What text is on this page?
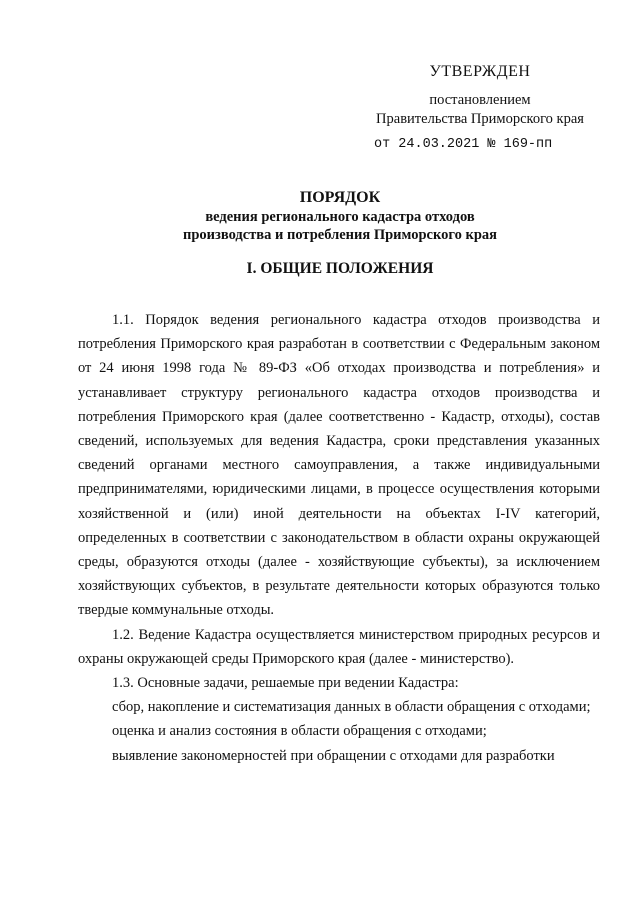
УТВЕРЖДЕН
постановлением
Правительства Приморского края
от 24.03.2021 № 169-пп
ПОРЯДОК
ведения регионального кадастра отходов
производства и потребления Приморского края
I. ОБЩИЕ ПОЛОЖЕНИЯ

1.1. Порядок ведения регионального кадастра отходов производства и потребления Приморского края разработан в соответствии с Федеральным законом от 24 июня 1998 года № 89-ФЗ «Об отходах производства и потребления» и устанавливает структуру регионального кадастра отходов производства и потребления Приморского края (далее соответственно - Кадастр, отходы), состав сведений, используемых для ведения Кадастра, сроки представления указанных сведений органами местного самоуправления, а также индивидуальными предпринимателями, юридическими лицами, в процессе осуществления которыми хозяйственной и (или) иной деятельности на объектах I-IV категорий, определенных в соответствии с законодательством в области охраны окружающей среды, образуются отходы (далее - хозяйствующие субъекты), за исключением хозяйствующих субъектов, в результате деятельности которых образуются только твердые коммунальные отходы.

1.2. Ведение Кадастра осуществляется министерством природных ресурсов и охраны окружающей среды Приморского края (далее - министерство).

1.3. Основные задачи, решаемые при ведении Кадастра:

сбор, накопление и систематизация данных в области обращения с отходами;

оценка и анализ состояния в области обращения с отходами;

выявление закономерностей при обращении с отходами для разработки
